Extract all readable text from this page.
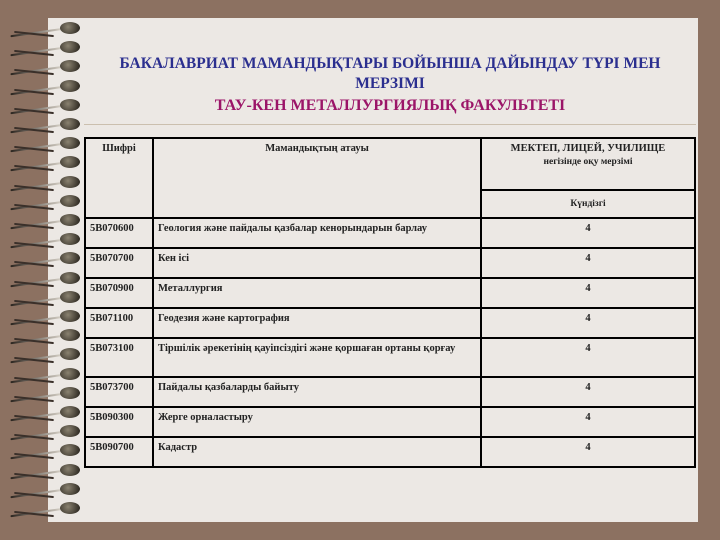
БАКАЛАВРИАТ МАМАНДЫҚТАРЫ БОЙЫНША ДАЙЫНДАУ ТҮРІ МЕН МЕРЗІМІ
ТАУ-КЕН МЕТАЛЛУРГИЯЛЫҚ ФАКУЛЬТЕТІ
Шифрі	Мамандықтың атауы	МЕКТЕП, ЛИЦЕЙ, УЧИЛИЩЕ
негізінде оқу мерзімі

		Күндізгі
5B070600	Геология және пайдалы қазбалар кенорындарын барлау	4
5B070700	Кен ісі	4
5B070900	Металлургия	4
5B071100	Геодезия және картография	4
5B073100	Тіршілік әрекетінің қауіпсіздігі және қоршаған ортаны қорғау	4
5B073700	Пайдалы қазбаларды байыту	4
5B090300	Жерге орналастыру	4
5B090700	Кадастр	4
